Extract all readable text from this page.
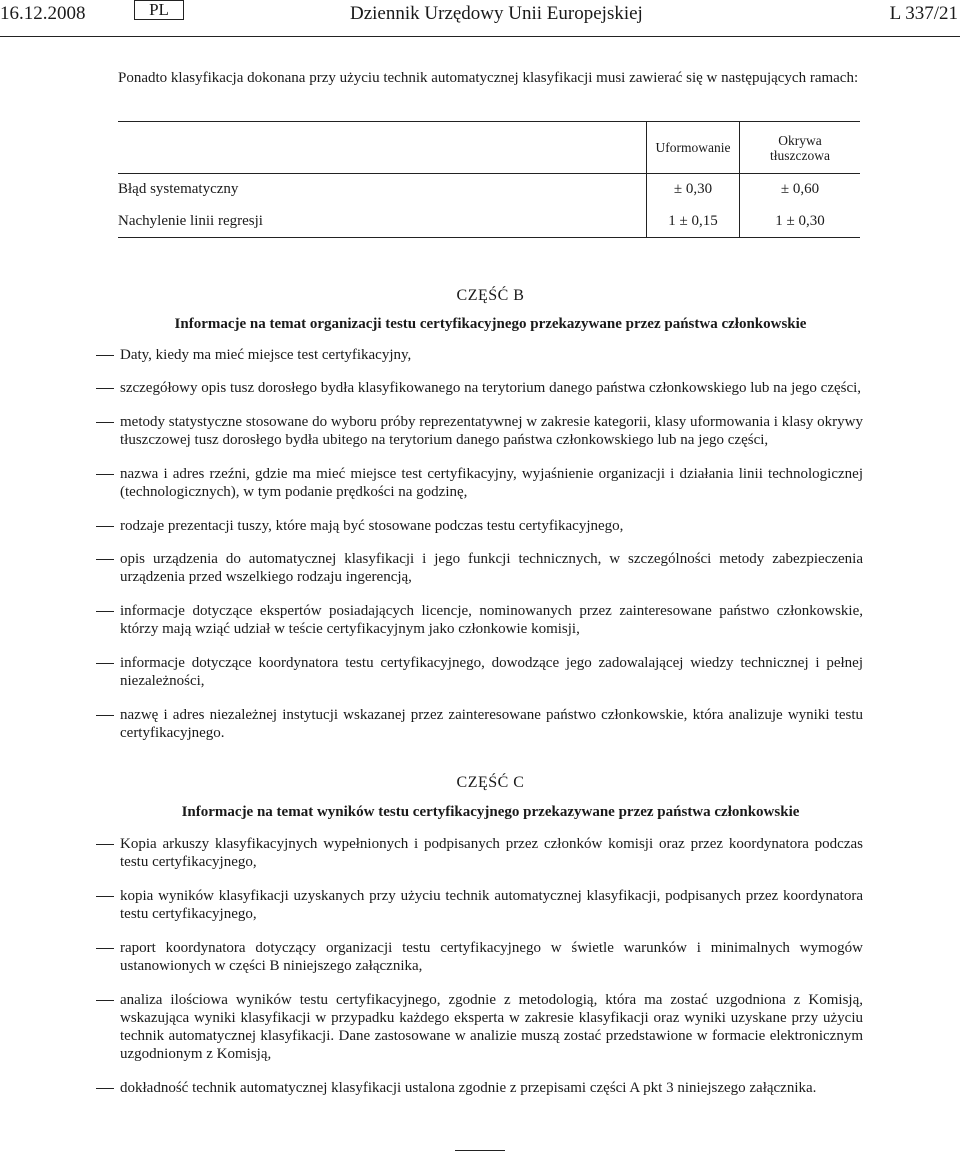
16.12.2008	PL	Dziennik Urzędowy Unii Europejskiej	L 337/21

Ponadto klasyfikacja dokonana przy użyciu technik automatycznej klasyfikacji musi zawierać się w następujących ramach:

	Uformowanie	Okrywa tłuszczowa
Błąd systematyczny	± 0,30	± 0,60
Nachylenie linii regresji	1 ± 0,15	1 ± 0,30
CZĘŚĆ B
Informacje na temat organizacji testu certyfikacyjnego przekazywane przez państwa członkowskie
Daty, kiedy ma mieć miejsce test certyfikacyjny,
szczegółowy opis tusz dorosłego bydła klasyfikowanego na terytorium danego państwa członkowskiego lub na jego części,
metody statystyczne stosowane do wyboru próby reprezentatywnej w zakresie kategorii, klasy uformowania i klasy okrywy tłuszczowej tusz dorosłego bydła ubitego na terytorium danego państwa członkowskiego lub na jego części,
nazwa i adres rzeźni, gdzie ma mieć miejsce test certyfikacyjny, wyjaśnienie organizacji i działania linii technologicznej (technologicznych), w tym podanie prędkości na godzinę,
rodzaje prezentacji tuszy, które mają być stosowane podczas testu certyfikacyjnego,
opis urządzenia do automatycznej klasyfikacji i jego funkcji technicznych, w szczególności metody zabezpieczenia urządzenia przed wszelkiego rodzaju ingerencją,
informacje dotyczące ekspertów posiadających licencje, nominowanych przez zainteresowane państwo członkowskie, którzy mają wziąć udział w teście certyfikacyjnym jako członkowie komisji,
informacje dotyczące koordynatora testu certyfikacyjnego, dowodzące jego zadowalającej wiedzy technicznej i pełnej niezależności,
nazwę i adres niezależnej instytucji wskazanej przez zainteresowane państwo członkowskie, która analizuje wyniki testu certyfikacyjnego.
CZĘŚĆ C
Informacje na temat wyników testu certyfikacyjnego przekazywane przez państwa członkowskie
Kopia arkuszy klasyfikacyjnych wypełnionych i podpisanych przez członków komisji oraz przez koordynatora podczas testu certyfikacyjnego,
kopia wyników klasyfikacji uzyskanych przy użyciu technik automatycznej klasyfikacji, podpisanych przez koordynatora testu certyfikacyjnego,
raport koordynatora dotyczący organizacji testu certyfikacyjnego w świetle warunków i minimalnych wymogów ustanowionych w części B niniejszego załącznika,
analiza ilościowa wyników testu certyfikacyjnego, zgodnie z metodologią, która ma zostać uzgodniona z Komisją, wskazująca wyniki klasyfikacji w przypadku każdego eksperta w zakresie klasyfikacji oraz wyniki uzyskane przy użyciu technik automatycznej klasyfikacji. Dane zastosowane w analizie muszą zostać przedstawione w formacie elektronicznym uzgodnionym z Komisją,
dokładność technik automatycznej klasyfikacji ustalona zgodnie z przepisami części A pkt 3 niniejszego załącznika.
